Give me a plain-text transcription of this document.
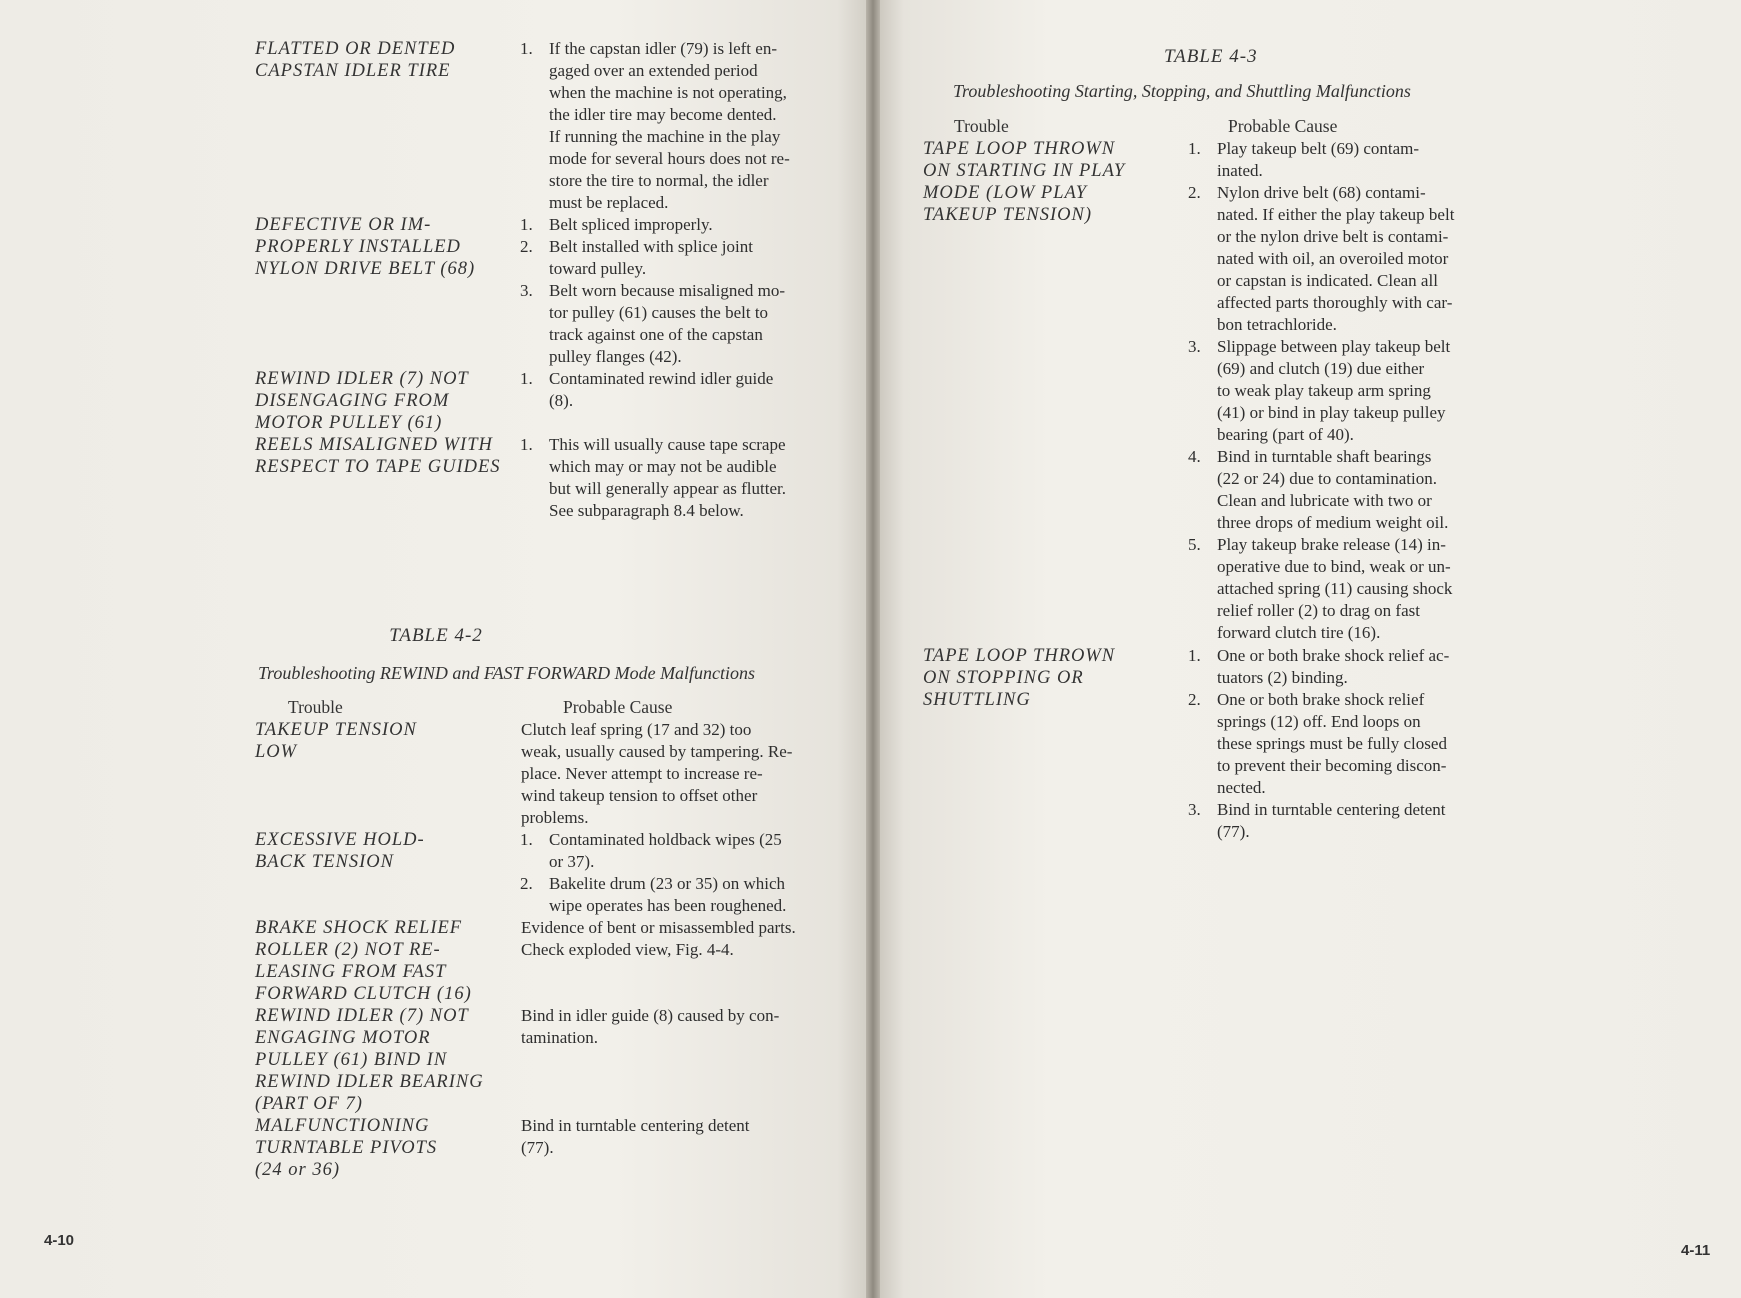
FLATTED OR DENTED
CAPSTAN IDLER TIRE
1. If the capstan idler (79) is left en-
gaged over an extended period
when the machine is not operating,
the idler tire may become dented.
If running the machine in the play
mode for several hours does not re-
store the tire to normal, the idler
must be replaced.
DEFECTIVE OR IM-
PROPERLY INSTALLED
NYLON DRIVE BELT (68)
1. Belt spliced improperly.
2. Belt installed with splice joint
toward pulley.
3. Belt worn because misaligned mo-
tor pulley (61) causes the belt to
track against one of the capstan
pulley flanges (42).
REWIND IDLER (7) NOT
DISENGAGING FROM
MOTOR PULLEY (61)
1. Contaminated rewind idler guide
(8).
REELS MISALIGNED WITH
RESPECT TO TAPE GUIDES
1. This will usually cause tape scrape
which may or may not be audible
but will generally appear as flutter.
See subparagraph 8.4 below.
TABLE 4-2
Troubleshooting REWIND and FAST FORWARD Mode Malfunctions
Trouble	Probable Cause
TAKEUP TENSION
LOW
Clutch leaf spring (17 and 32) too
weak, usually caused by tampering. Re-
place. Never attempt to increase re-
wind takeup tension to offset other
problems.
EXCESSIVE HOLD-
BACK TENSION
1. Contaminated holdback wipes (25
or 37).
2. Bakelite drum (23 or 35) on which
wipe operates has been roughened.
BRAKE SHOCK RELIEF
ROLLER (2) NOT RE-
LEASING FROM FAST
FORWARD CLUTCH (16)
Evidence of bent or misassembled parts.
Check exploded view, Fig. 4-4.
REWIND IDLER (7) NOT
ENGAGING MOTOR
PULLEY (61) BIND IN
REWIND IDLER BEARING
(PART OF 7)
Bind in idler guide (8) caused by con-
tamination.
MALFUNCTIONING
TURNTABLE PIVOTS
(24 or 36)
Bind in turntable centering detent
(77).
4-10
TABLE 4-3
Troubleshooting Starting, Stopping, and Shuttling Malfunctions
Trouble	Probable Cause
TAPE LOOP THROWN
ON STARTING IN PLAY
MODE (LOW PLAY
TAKEUP TENSION)
1. Play takeup belt (69) contam-
inated.
2. Nylon drive belt (68) contami-
nated. If either the play takeup belt
or the nylon drive belt is contami-
nated with oil, an overoiled motor
or capstan is indicated. Clean all
affected parts thoroughly with car-
bon tetrachloride.
3. Slippage between play takeup belt
(69) and clutch (19) due either
to weak play takeup arm spring
(41) or bind in play takeup pulley
bearing (part of 40).
4. Bind in turntable shaft bearings
(22 or 24) due to contamination.
Clean and lubricate with two or
three drops of medium weight oil.
5. Play takeup brake release (14) in-
operative due to bind, weak or un-
attached spring (11) causing shock
relief roller (2) to drag on fast
forward clutch tire (16).
TAPE LOOP THROWN
ON STOPPING OR
SHUTTLING
1. One or both brake shock relief ac-
tuators (2) binding.
2. One or both brake shock relief
springs (12) off. End loops on
these springs must be fully closed
to prevent their becoming discon-
nected.
3. Bind in turntable centering detent
(77).
4-11
